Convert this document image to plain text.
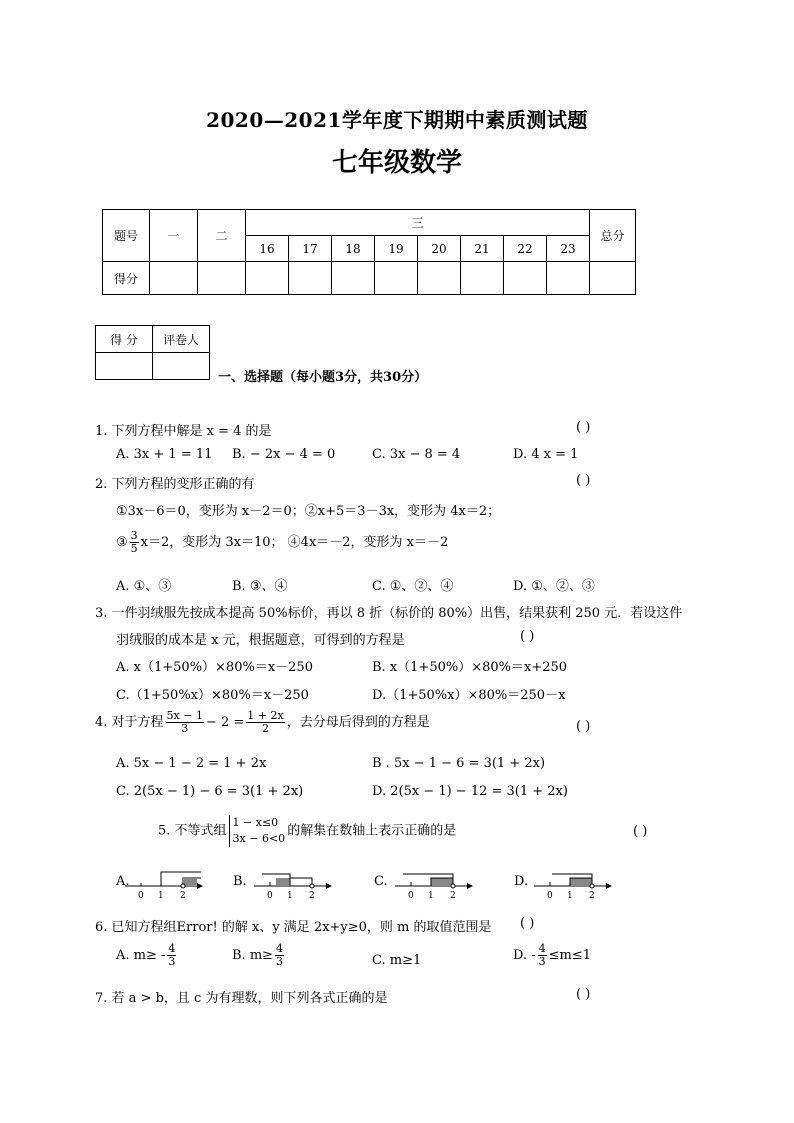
2020—2021学年度下期期中素质测试题
七年级数学
题号	一	二	三								总分
			16	17	18	19	20	21	22	23	
得分											
得 分	评卷人

一、选择题（每小题3分，共30分）
1. 下列方程中解是 x = 4 的是	( )
A. 3x + 1 = 11 B. − 2x − 4 = 0	C. 3x − 8 = 4	D. 4 x = 1
2. 下列方程的变形正确的有	( )
①3x－6＝0，变形为 x－2＝0；②x+5＝3－3x，变形为 4x＝2；
③ $\frac{3}{5} x=2$，变形为 3x＝10； ④4x＝－2，变形为 x＝－2
A. ①、③	B. ③、④	C. ①、②、④	D. ①、②、③
3. 一件羽绒服先按成本提高 50%标价，再以 8 折（标价的 80%）出售，结果获利 250 元．若设这件
羽绒服的成本是 x 元，根据题意，可得到的方程是	( )
A. x（1+50%）×80%＝x－250	B. x（1+50%）×80%＝x+250
C.（1+50%x）×80%＝x－250	D.（1+50%x）×80%＝250－x
4. 对于方程 $\frac{5x - 1}{3} - 2 = \frac{1 + 2x}{2}$ ，去分母后得到的方程是	( )
A. 5x − 1 − 2 = 1 + 2x	B . 5x − 1 − 6 = 3(1 + 2x)
C. 2(5x − 1) − 6 = 3(1 + 2x)	D. 2(5x − 1) − 12 = 3(1 + 2x)
5. 不等式组
1 − x≤0
3x − 6<0 的解集在数轴上表示正确的是	( )
A.	B.	C.	D.
0 1 2	0 1 2	0 1 2	0 1 2
6. 已知方程组Error! 的解 x、y 满足 2x+y≥0，则 m 的取值范围是 ( )
A. $m\ge - \frac{4}{3}$	B. $m\ge \frac{4}{3}$	C. m≥1	D. - $\frac{4}{3} \le m\le 1$
7. 若 a > b，且 c 为有理数，则下列各式正确的是	( )
